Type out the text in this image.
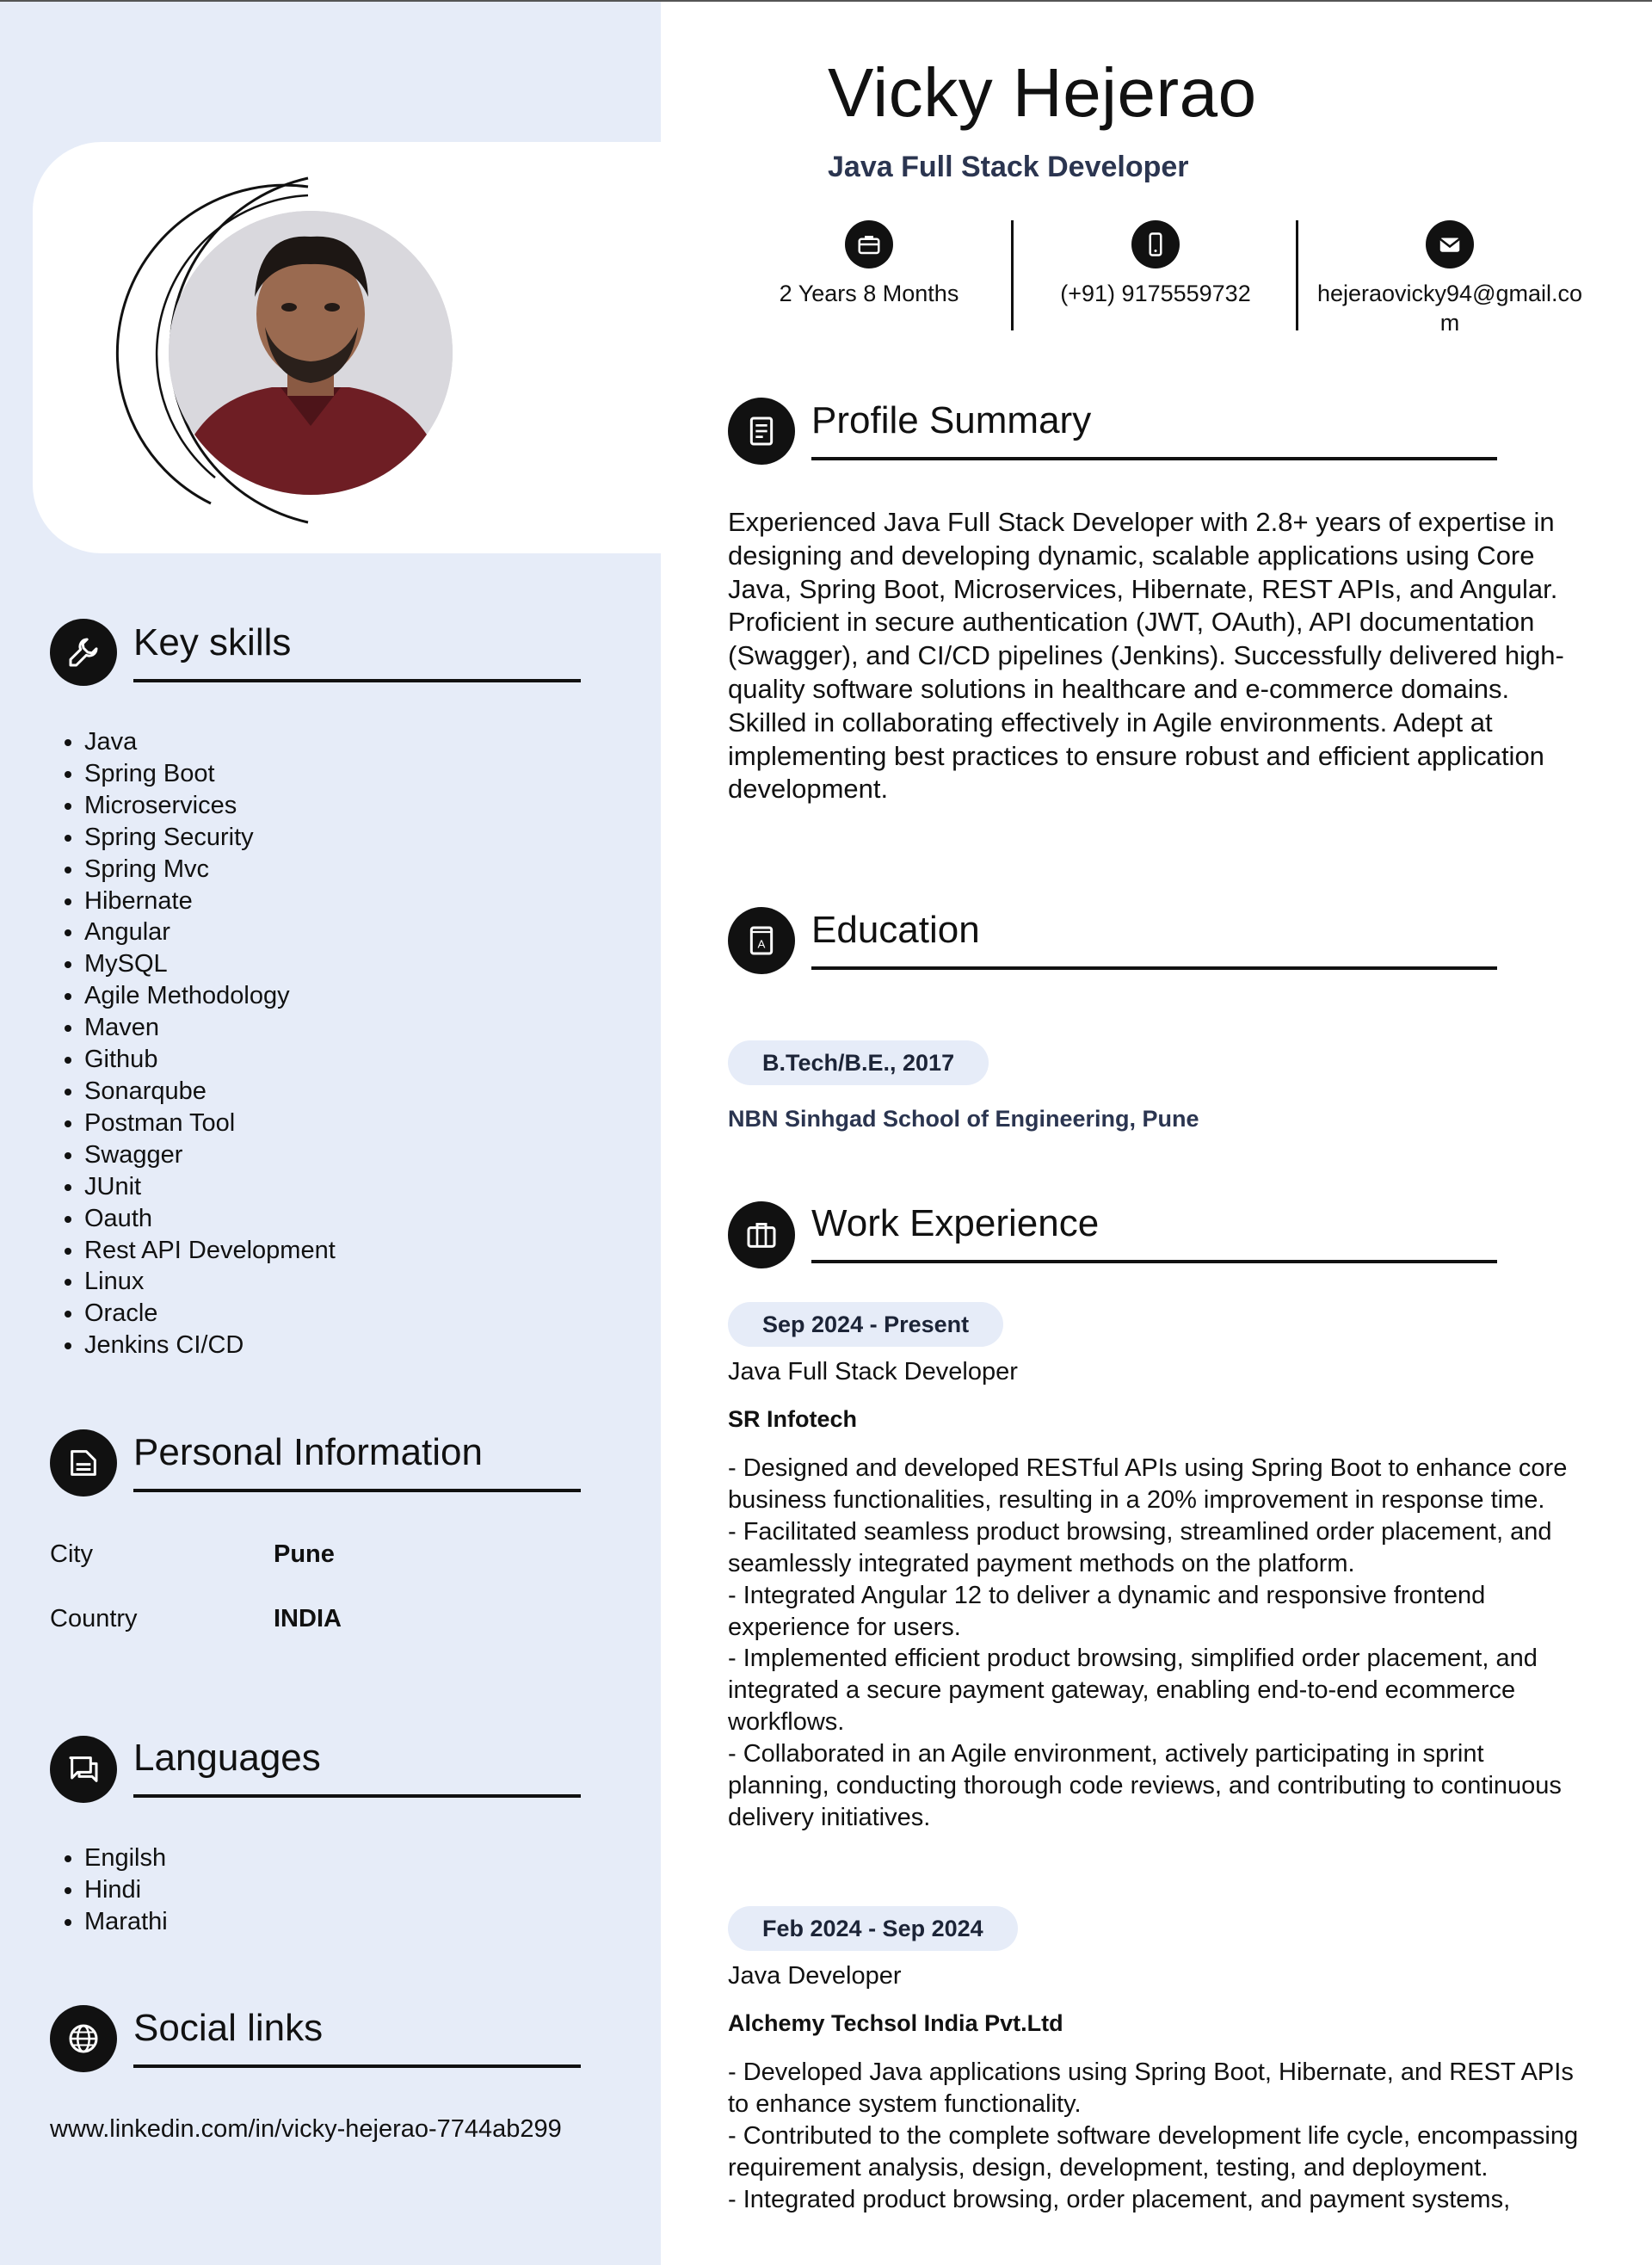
Vicky Hejerao
Java Full Stack Developer
2 Years 8 Months	(+91) 9175559732	hejeraovicky94@gmail.com
Key skills
• Java
• Spring Boot
• Microservices
• Spring Security
• Spring Mvc
• Hibernate
• Angular
• MySQL
• Agile Methodology
• Maven
• Github
• Sonarqube
• Postman Tool
• Swagger
• JUnit
• Oauth
• Rest API Development
• Linux
• Oracle
• Jenkins CI/CD
Personal Information
City	Pune
Country	INDIA
Languages
• Engilsh
• Hindi
• Marathi
Social links
www.linkedin.com/in/vicky-hejerao-7744ab299
Profile Summary
Experienced Java Full Stack Developer with 2.8+ years of expertise in designing and developing dynamic, scalable applications using Core Java, Spring Boot, Microservices, Hibernate, REST APIs, and Angular. Proficient in secure authentication (JWT, OAuth), API documentation (Swagger), and CI/CD pipelines (Jenkins). Successfully delivered high-quality software solutions in healthcare and e-commerce domains. Skilled in collaborating effectively in Agile environments. Adept at implementing best practices to ensure robust and efficient application development.
A Education
B.Tech/B.E., 2017
NBN Sinhgad School of Engineering, Pune
Work Experience
Sep 2024 - Present
Java Full Stack Developer
SR Infotech
- Designed and developed RESTful APIs using Spring Boot to enhance core business functionalities, resulting in a 20% improvement in response time.
- Facilitated seamless product browsing, streamlined order placement, and seamlessly integrated payment methods on the platform.
- Integrated Angular 12 to deliver a dynamic and responsive frontend experience for users.
- Implemented efficient product browsing, simplified order placement, and integrated a secure payment gateway, enabling end-to-end ecommerce workflows.
- Collaborated in an Agile environment, actively participating in sprint planning, conducting thorough code reviews, and contributing to continuous delivery initiatives.
Feb 2024 - Sep 2024
Java Developer
Alchemy Techsol India Pvt.Ltd
- Developed Java applications using Spring Boot, Hibernate, and REST APIs to enhance system functionality.
- Contributed to the complete software development life cycle, encompassing requirement analysis, design, development, testing, and deployment.
- Integrated product browsing, order placement, and payment systems,
